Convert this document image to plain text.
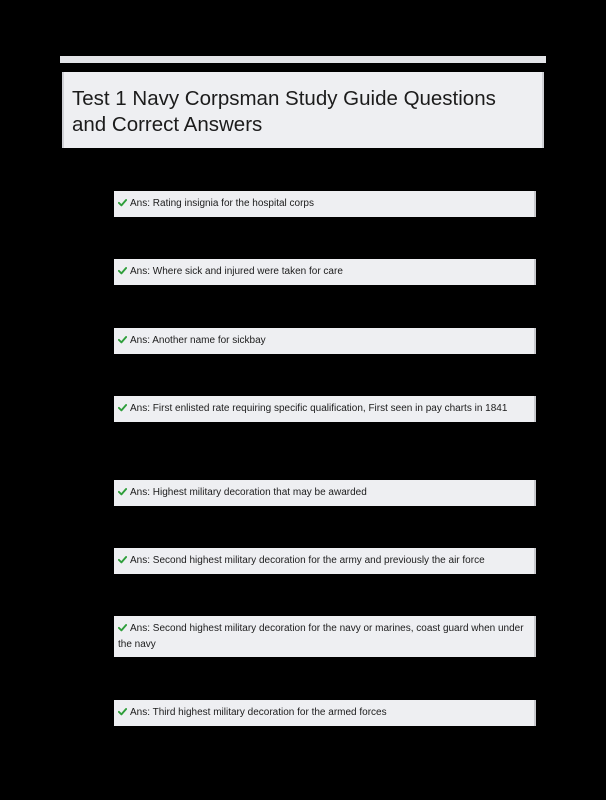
Test 1 Navy Corpsman Study Guide Questions and Correct Answers
Ans: Rating insignia for the hospital corps
Ans: Where sick and injured were taken for care
Ans: Another name for sickbay
Ans: First enlisted rate requiring specific qualification, First seen in pay charts in 1841
Ans: Highest military decoration that may be awarded
Ans: Second highest military decoration for the army and previously the air force
Ans: Second highest military decoration for the navy or marines, coast guard when under the navy
Ans: Third highest military decoration for the armed forces
